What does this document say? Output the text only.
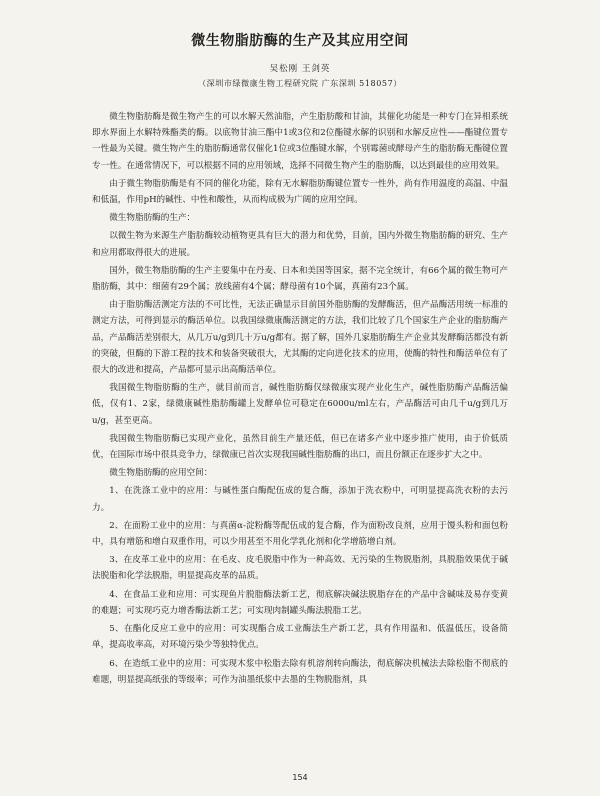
微生物脂肪酶的生产及其应用空间
吴松刚 王剑英
（深圳市绿微康生物工程研究院 广东深圳 518057）

微生物脂肪酶是微生物产生的可以水解天然油脂，产生脂肪酸和甘油，其催化功能是一种专门在异相系统即水界面上水解特殊酯类的酶。以底物甘油三酯中1或3位和2位酯键水解的识别和水解反应性——酯键位置专一性最为关键。微生物产生的脂肪酶通常仅催化1位或3位酯键水解，个别霉菌或酵母产生的脂肪酶无酯键位置专一性。在通常情况下，可以根据不同的应用领域，选择不同微生物产生的脂肪酶，以达到最佳的应用效果。

由于微生物脂肪酶是有不同的催化功能，除有无水解脂肪酶键位置专一性外，尚有作用温度的高温、中温和低温，作用pH的碱性、中性和酸性，从而构成极为广阔的应用空间。

微生物脂肪酶的生产：

以微生物为来源生产脂肪酶较动植物更具有巨大的潜力和优势，目前，国内外微生物脂肪酶的研究、生产和应用都取得很大的进展。

国外，微生物脂肪酶的生产主要集中在丹麦、日本和美国等国家，据不完全统计，有66个属的微生物可产脂肪酶，其中：细菌有29个属；放线菌有4个属；酵母菌有10个属，真菌有23个属。

由于脂肪酶活测定方法的不可比性，无法正确显示目前国外脂肪酶的发酵酶活，但产品酶活用统一标准的测定方法，可得到显示的酶活单位。以我国绿微康酶活测定的方法，我们比较了几个国家生产企业的脂肪酶产品，产品酶活差别很大，从几万u/g到几十万u/g都有。据了解，国外几家脂肪酶生产企业其发酵酶活都没有新的突破，但酶的下游工程的技术和装备突破很大，尤其酶的定向进化技术的应用，使酶的特性和酶活单位有了很大的改进和提高，产品都可显示出高酶活单位。

我国微生物脂肪酶的生产，就目前而言，碱性脂肪酶仅绿微康实现产业化生产，碱性脂肪酶产品酶活偏低，仅有1、2家，绿微康碱性脂肪酶罐上发酵单位可稳定在6000u/ml左右，产品酶活可由几千u/g到几万u/g，甚至更高。

我国微生物脂肪酶已实现产业化，虽然目前生产量还低，但已在诸多产业中逐步推广使用，由于价低质优，在国际市场中很具竞争力，绿微康已首次实现我国碱性脂肪酶的出口，而且份额正在逐步扩大之中。

微生物脂肪酶的应用空间：

1、在洗涤工业中的应用：与碱性蛋白酶配伍成的复合酶，添加于洗衣粉中，可明显提高洗衣粉的去污力。

2、在面粉工业中的应用：与真菌α-淀粉酶等配伍成的复合酶，作为面粉改良剂，应用于馒头粉和面包粉中，具有增筋和增白双重作用，可以少用甚至不用化学乳化剂和化学增筋增白剂。

3、在皮革工业中的应用：在毛皮、皮毛脱脂中作为一种高效、无污染的生物脱脂剂，具脱脂效果优于碱法脱脂和化学法脱脂，明显提高皮革的品质。

4、在食品工业和应用：可实现鱼片脱脂酶法新工艺，彻底解决碱法脱脂存在的产品中含碱味及易存变黄的难题；可实现巧克力增香酶法新工艺；可实现肉制罐头酶法脱脂工艺。

5、在酯化反应工业中的应用：可实现酯合成工业酶法生产新工艺，具有作用温和、低温低压，设备简单，提高收率高，对环境污染少等独特优点。

6、在造纸工业中的应用：可实现木浆中松脂去除有机溶剂转向酶法，彻底解决机械法去除松脂不彻底的难题，明显提高纸张的等级率；可作为油墨纸浆中去墨的生物脱脂剂，具

154
